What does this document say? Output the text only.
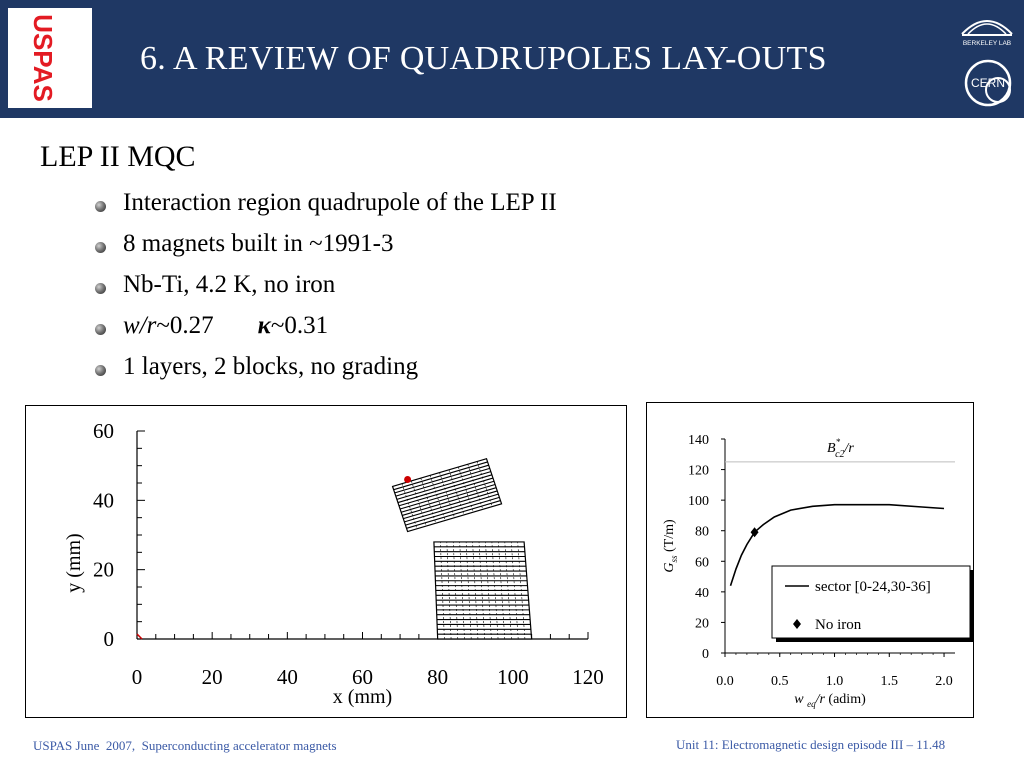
USPAS 6. A REVIEW OF QUADRUPOLES LAY-OUTS	BERKELEY LAB
CERN
LEP II MQC
Interaction region quadrupole of the LEP II
8 magnets built in ~1991-3
Nb-Ti, 4.2 K, no iron
w/r~0.27 κ~0.31
1 layers, 2 blocks, no grading
0	20	40	60	80 100 120
0
20
40
60
x (mm)
y (mm)
0
20
40
60
80
100
120
140
0.0	0.5	1.0	1.5	2.0
B* c2/r
sector [0-24,30-36]
No iron
$G_{ss}$ (T/m)
w $_{eq}$/r (adim)
USPAS June  2007,  Superconducting accelerator magnets	Unit 11: Electromagnetic design episode III – 11.48
